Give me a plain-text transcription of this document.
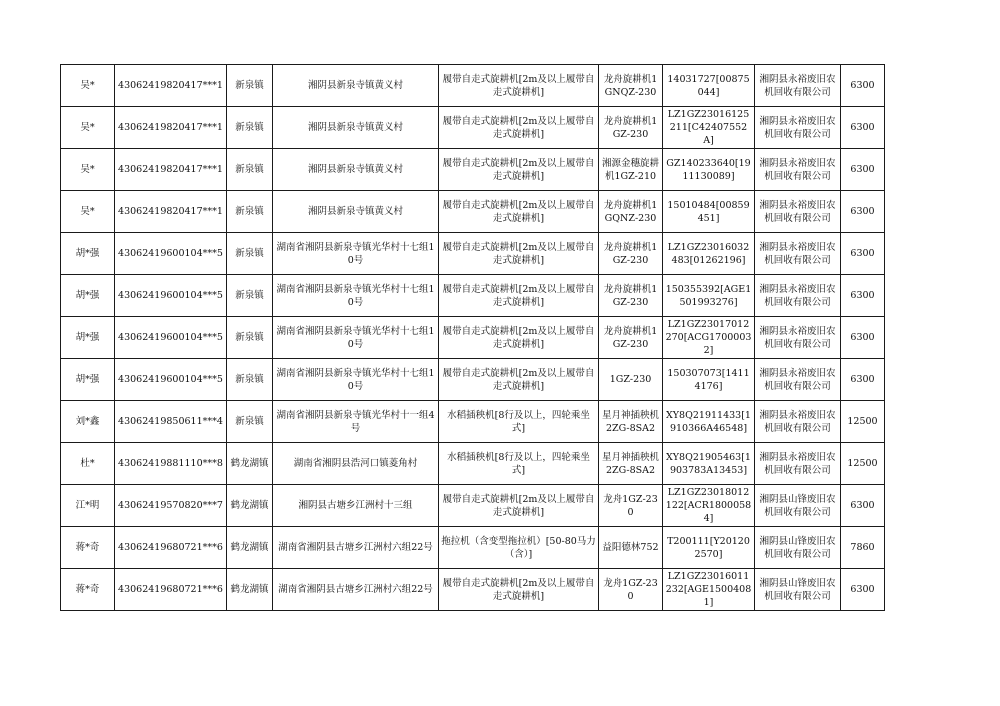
吴*	43062419820417***1	新泉镇	湘阴县新泉寺镇黄义村	履带自走式旋耕机[2m及以上履带自走式旋耕机]	龙舟旋耕机1GNQZ-230	14031727[00875044]	湘阴县永裕废旧农机回收有限公司	6300
吴*	43062419820417***1	新泉镇	湘阴县新泉寺镇黄义村	履带自走式旋耕机[2m及以上履带自走式旋耕机]	龙舟旋耕机1GZ-230	LZ1GZ23016125211[C42407552A]	湘阴县永裕废旧农机回收有限公司	6300
吴*	43062419820417***1	新泉镇	湘阴县新泉寺镇黄义村	履带自走式旋耕机[2m及以上履带自走式旋耕机]	湘源金穗旋耕机1GZ-210	GZ140233640[1911130089]	湘阴县永裕废旧农机回收有限公司	6300
吴*	43062419820417***1	新泉镇	湘阴县新泉寺镇黄义村	履带自走式旋耕机[2m及以上履带自走式旋耕机]	龙舟旋耕机1GQNZ-230	15010484[00859451]	湘阴县永裕废旧农机回收有限公司	6300
胡*强	43062419600104***5	新泉镇	湖南省湘阴县新泉寺镇光华村十七组10号	履带自走式旋耕机[2m及以上履带自走式旋耕机]	龙舟旋耕机1GZ-230	LZ1GZ23016032483[01262196]	湘阴县永裕废旧农机回收有限公司	6300
胡*强	43062419600104***5	新泉镇	湖南省湘阴县新泉寺镇光华村十七组10号	履带自走式旋耕机[2m及以上履带自走式旋耕机]	龙舟旋耕机1GZ-230	150355392[AGE1501993276]	湘阴县永裕废旧农机回收有限公司	6300
胡*强	43062419600104***5	新泉镇	湖南省湘阴县新泉寺镇光华村十七组10号	履带自走式旋耕机[2m及以上履带自走式旋耕机]	龙舟旋耕机1GZ-230	LZ1GZ23017012270[ACG17000032]	湘阴县永裕废旧农机回收有限公司	6300
胡*强	43062419600104***5	新泉镇	湖南省湘阴县新泉寺镇光华村十七组10号	履带自走式旋耕机[2m及以上履带自走式旋耕机]	1GZ-230	150307073[14114176]	湘阴县永裕废旧农机回收有限公司	6300
刘*鑫	43062419850611***4	新泉镇	湖南省湘阴县新泉寺镇光华村十一组4号	水稻插秧机[8行及以上，四轮乘坐式]	星月神插秧机2ZG-8SA2	XY8Q21911433[1910366A46548]	湘阴县永裕废旧农机回收有限公司	12500
杜*	43062419881110***8	鹤龙湖镇	湖南省湘阴县浩河口镇菱角村	水稻插秧机[8行及以上，四轮乘坐式]	星月神插秧机2ZG-8SA2	XY8Q21905463[1903783A13453]	湘阴县永裕废旧农机回收有限公司	12500
江*明	43062419570820***7	鹤龙湖镇	湘阴县古塘乡江洲村十三组	履带自走式旋耕机[2m及以上履带自走式旋耕机]	龙舟1GZ-230	LZ1GZ23018012122[ACR18000584]	湘阴县山锋废旧农机回收有限公司	6300
蒋*奇	43062419680721***6	鹤龙湖镇	湖南省湘阴县古塘乡江洲村六组22号	拖拉机（含变型拖拉机）[50-80马力（含）]	益阳德林752	T200111[Y201202570]	湘阴县山锋废旧农机回收有限公司	7860
蒋*奇	43062419680721***6	鹤龙湖镇	湖南省湘阴县古塘乡江洲村六组22号	履带自走式旋耕机[2m及以上履带自走式旋耕机]	龙舟1GZ-230	LZ1GZ23016011232[AGE15004081]	湘阴县山锋废旧农机回收有限公司	6300
